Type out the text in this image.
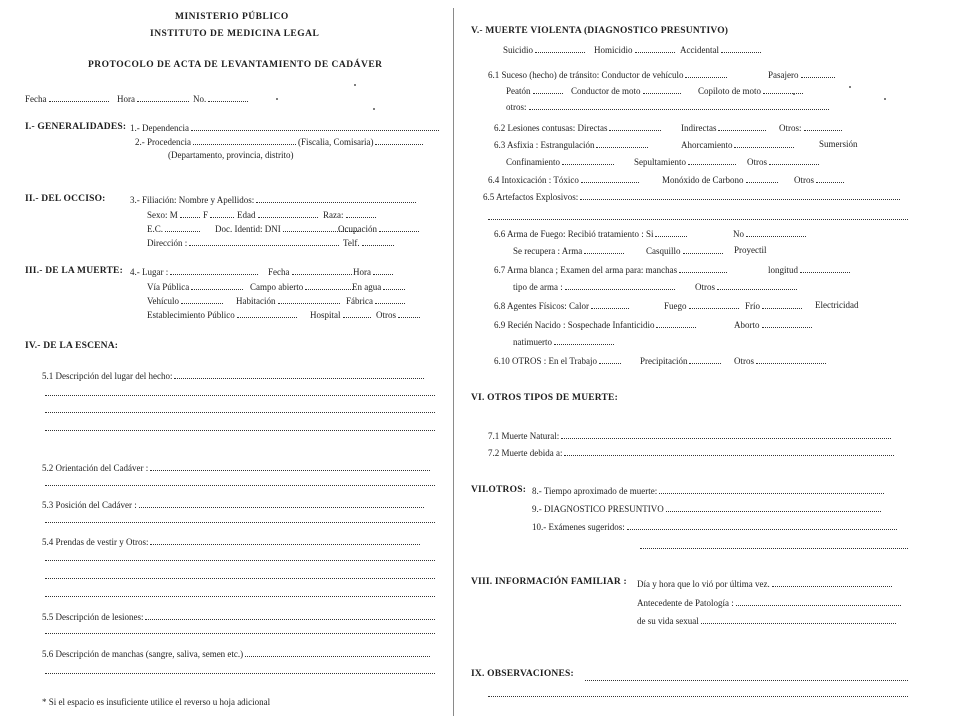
MINISTERIO PÚBLICO
INSTITUTO DE MEDICINA LEGAL
PROTOCOLO DE ACTA DE LEVANTAMIENTO DE CADÁVER
Fecha	Hora	No.
I.- GENERALIDADES: 1.- Dependencia
2.- Procedencia	(Fiscalia, Comisaria)
(Departamento, provincia, distrito)
II.- DEL OCCISO:	3.- Filiación: Nombre y Apellidos:
Sexo: M	F	Edad	Raza:
E.C.	Doc. Identid: DNI	Ocupación
Dirección :	Telf.
III.- DE LA MUERTE: 4.- Lugar :	Fecha	Hora
Vía Pública	Campo abierto	En agua
Vehículo	Habitación	Fábrica
Establecimiento Público	Hospital	Otros
IV.- DE LA ESCENA:
5.1 Descripción del lugar del hecho:
5.2 Orientación del Cadáver :
5.3 Posición del Cadáver :
5.4 Prendas de vestir y Otros:
5.5 Descripción de lesiones:
5.6 Descripción de manchas (sangre, saliva, semen etc.)
* Si el espacio es insuficiente utilice el reverso u hoja adicional
V.- MUERTE VIOLENTA (DIAGNOSTICO PRESUNTIVO)
Suicidio	Homicidio	Accidental
6.1 Suceso (hecho) de tránsito: Conductor de vehículo	Pasajero
Peatón	Conductor de moto	Copiloto de moto
otros:
6.2 Lesiones contusas: Directas	Indirectas	Otros:
6.3 Asfixia : Estrangulación	Ahorcamiento	Sumersión
Confinamiento	Sepultamiento	Otros
6.4 Intoxicación : Tóxico	Monóxido de Carbono	Otros
6.5 Artefactos Explosivos:
6.6 Arma de Fuego: Recibió tratamiento : Si	No
Se recupera : Arma	Casquillo	Proyectil
6.7 Arma blanca ; Examen del arma para: manchas	longitud
tipo de arma :	Otros
6.8 Agentes Físicos: Calor	Fuego	Frío	Electricidad
6.9 Recién Nacido : Sospechade Infanticidio	Aborto
natimuerto
6.10 OTROS : En el Trabajo	Precipitación	Otros
VI. OTROS TIPOS DE MUERTE:
7.1 Muerte Natural:
7.2 Muerte debida a:
VII.OTROS: 8.- Tiempo aproximado de muerte:
9.- DIAGNOSTICO PRESUNTIVO
10.- Exámenes sugeridos:
VIII. INFORMACIÓN FAMILIAR : Día y hora que lo vió por última vez.
Antecedente de Patología :
de su vida sexual
IX. OBSERVACIONES:
